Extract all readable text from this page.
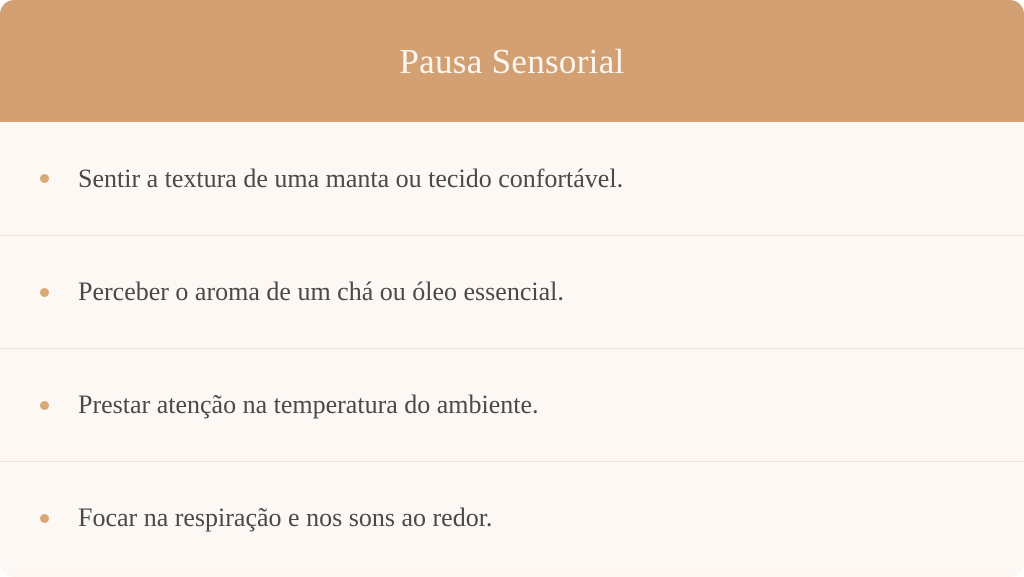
Pausa Sensorial
Sentir a textura de uma manta ou tecido confortável.
Perceber o aroma de um chá ou óleo essencial.
Prestar atenção na temperatura do ambiente.
Focar na respiração e nos sons ao redor.
